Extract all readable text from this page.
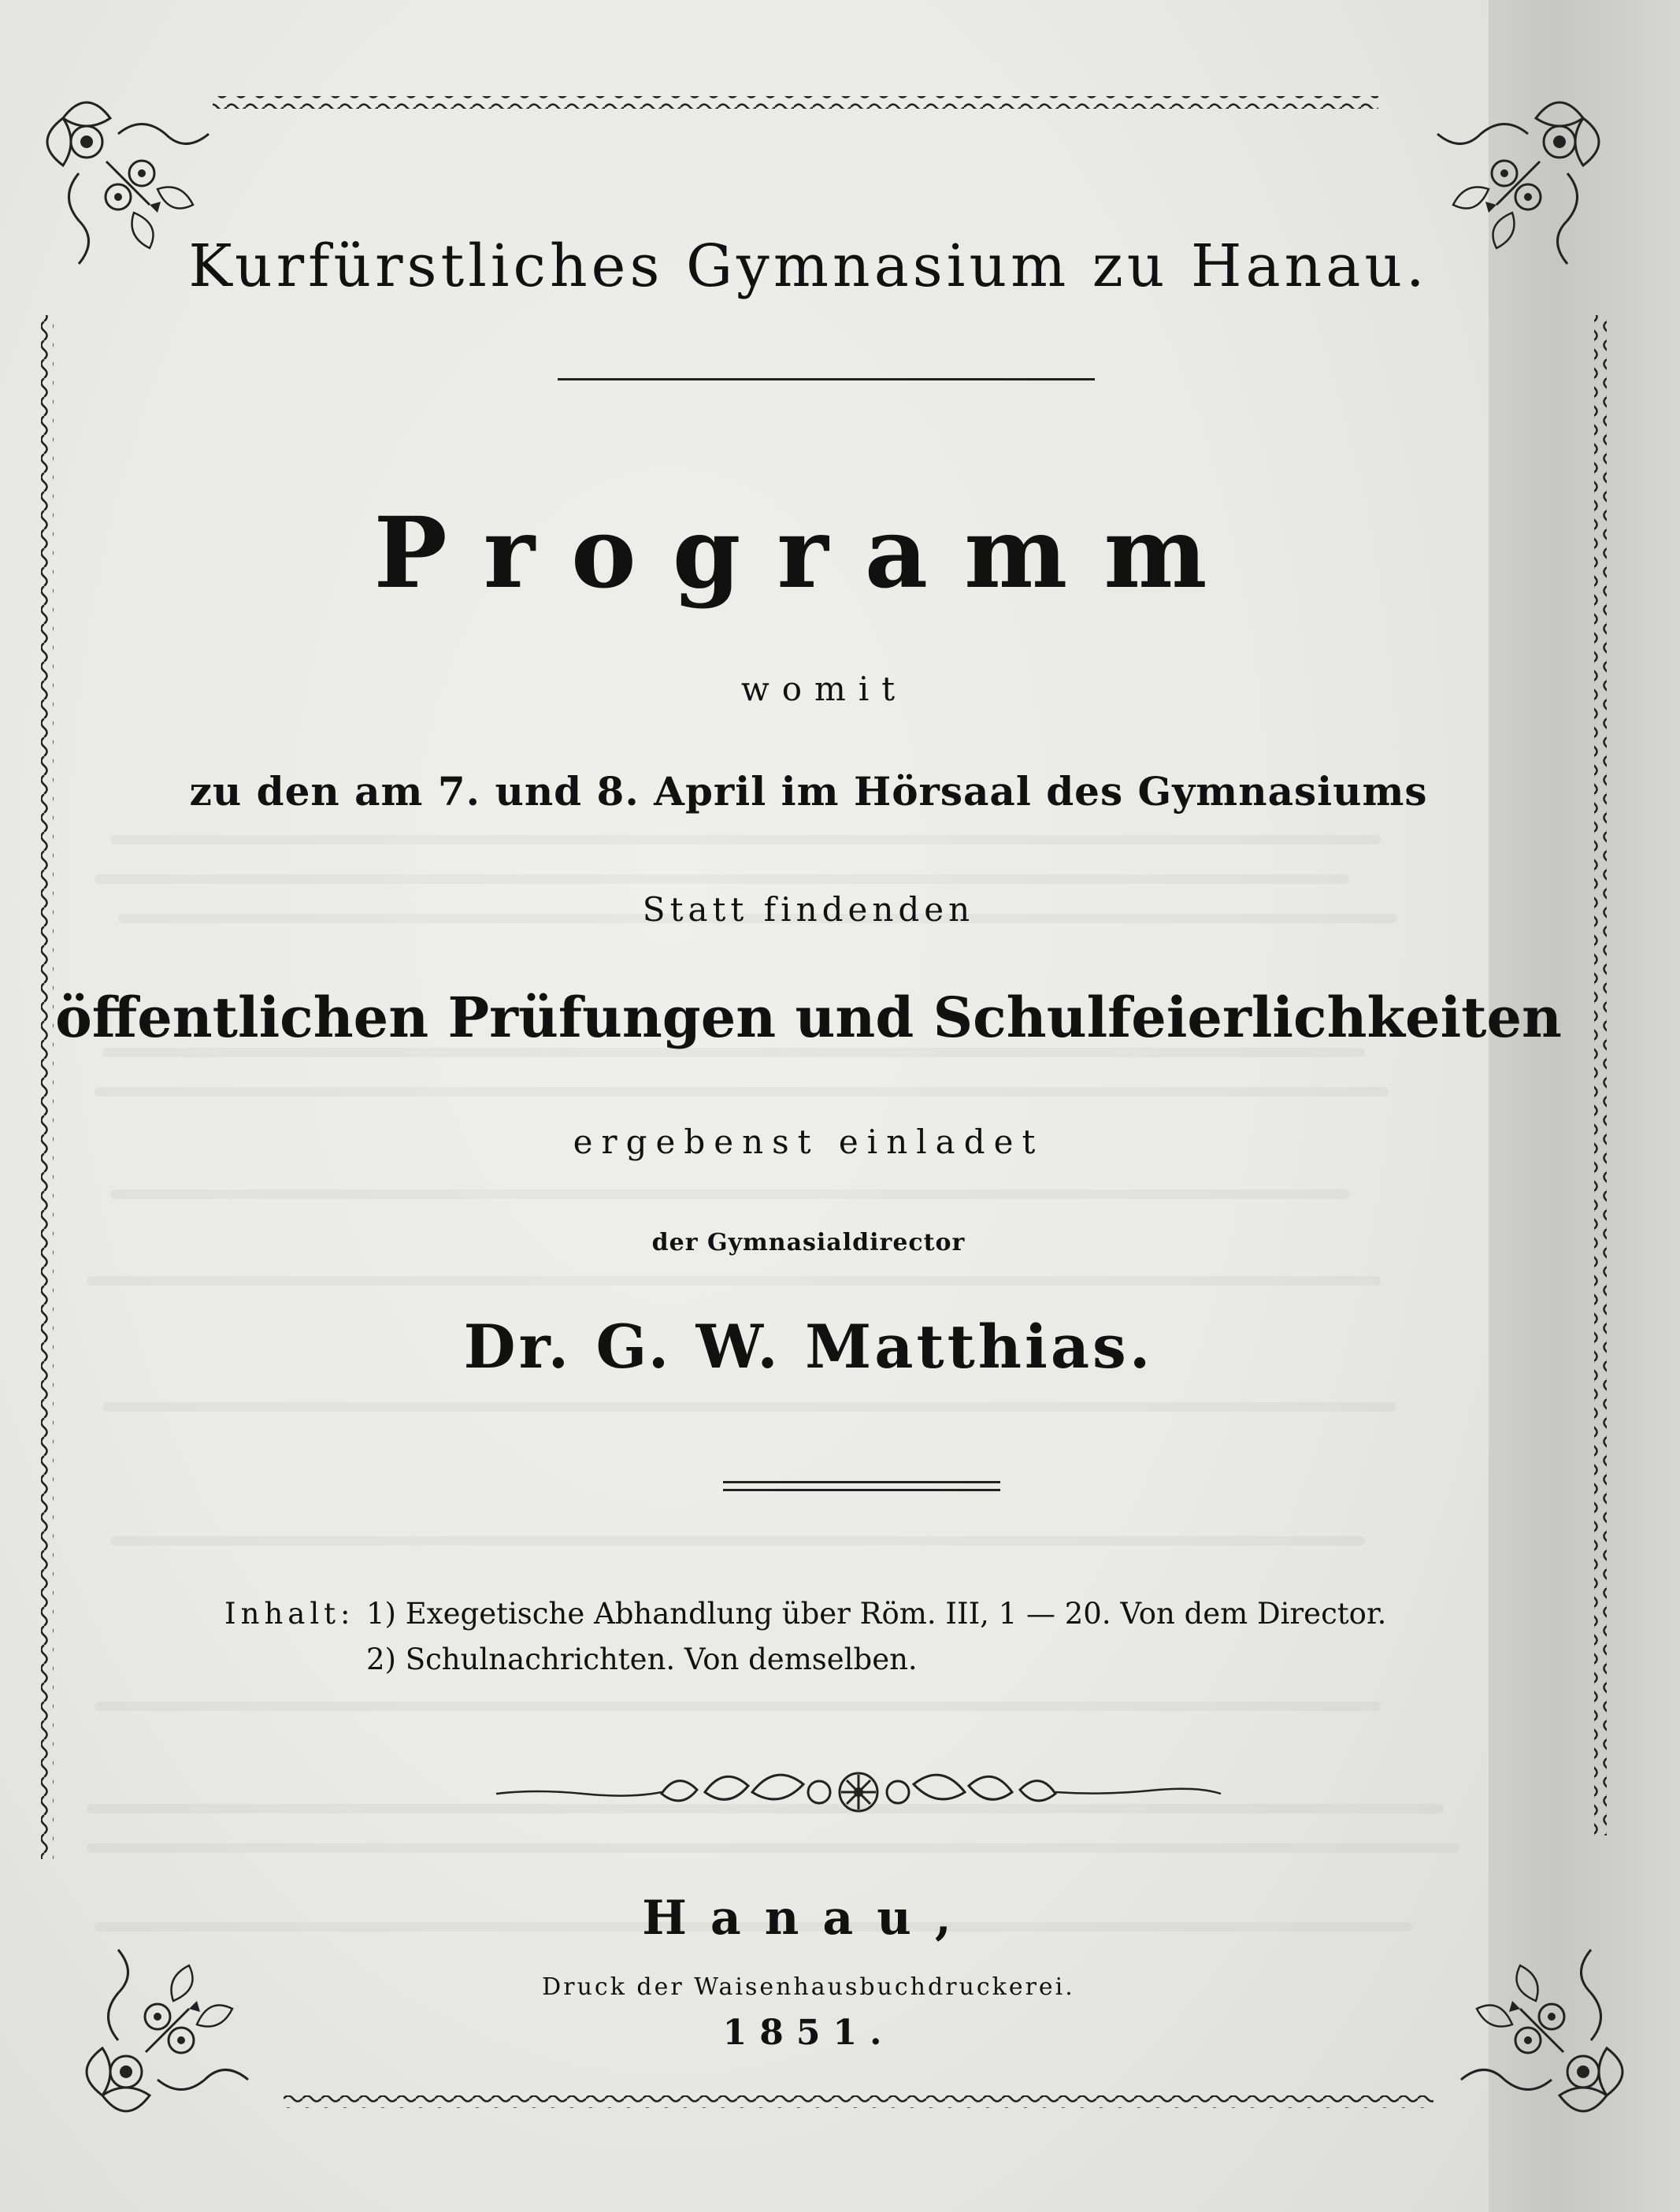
Kurfürstliches Gymnasium zu Hanau.
Programm

womit

zu den am 7. und 8. April im Hörsaal des Gymnasiums

Statt findenden

öffentlichen Prüfungen und Schulfeierlichkeiten

ergebenst einladet

der Gymnasialdirector

Dr. G. W. Matthias.

Inhalt: 1) Exegetische Abhandlung über Röm. III, 1 — 20. Von dem Director.
2) Schulnachrichten. Von demselben.

Hanau,

Druck der Waisenhausbuchdruckerei.

1851.
